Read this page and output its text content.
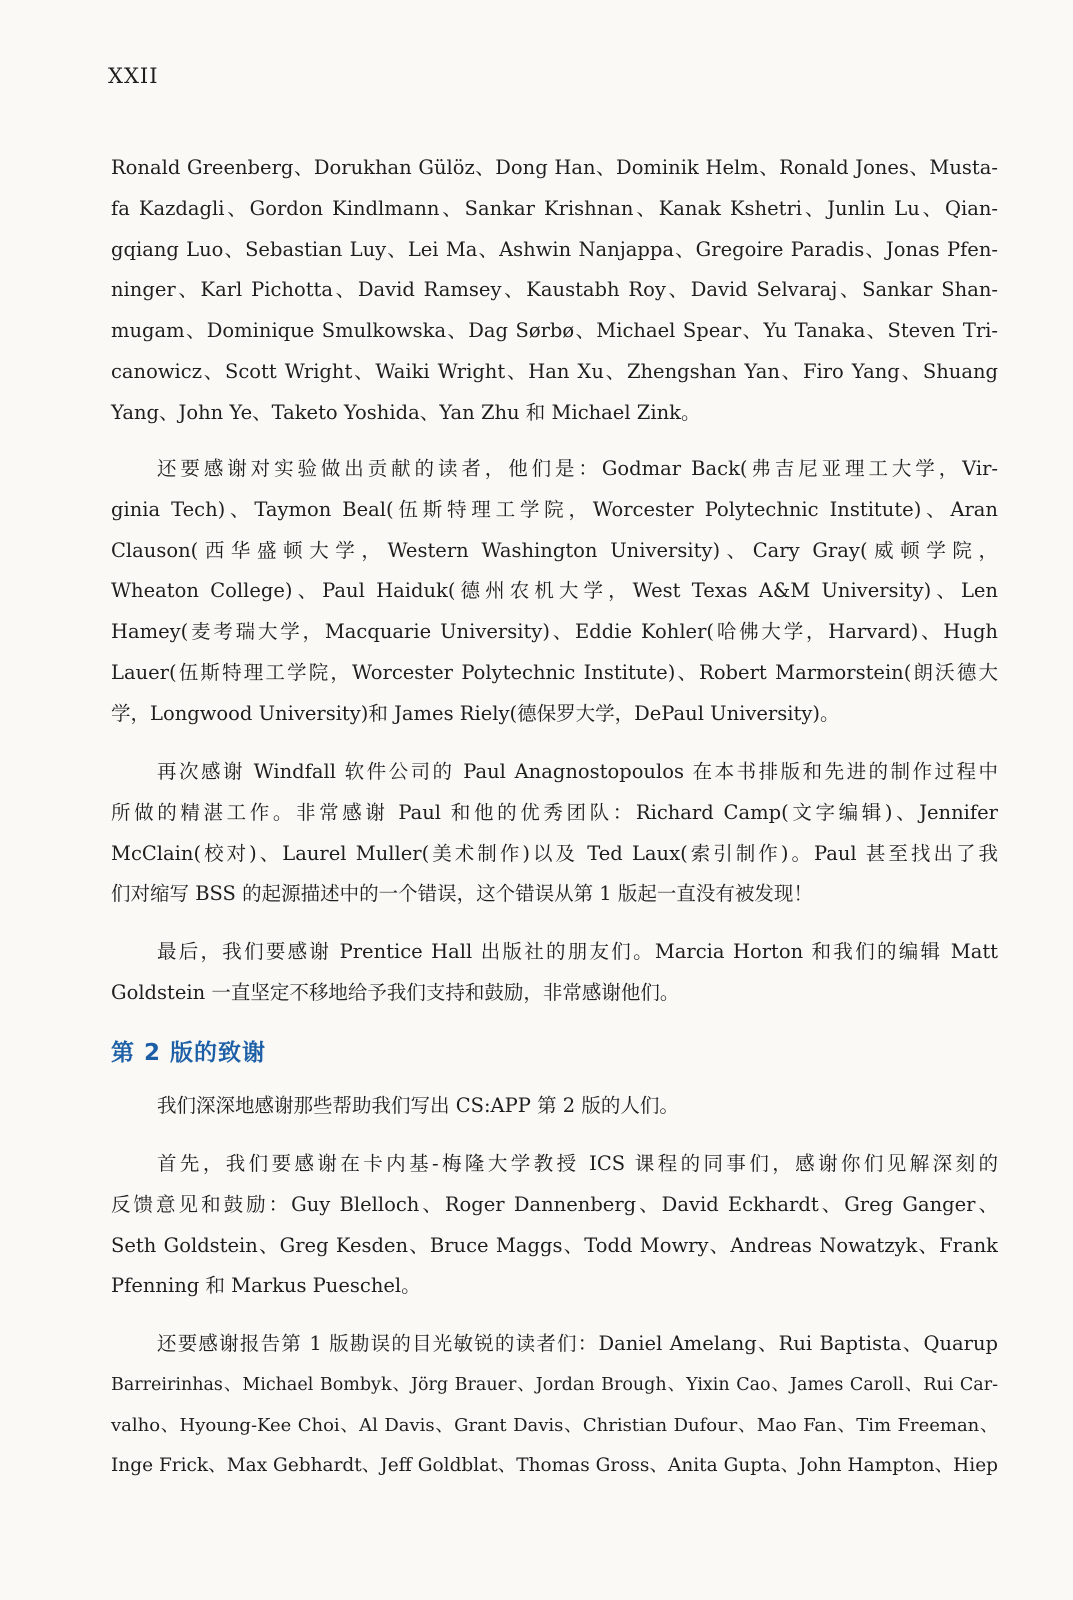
XXII

Ronald Greenberg、Dorukhan Gülöz、Dong Han、Dominik Helm、Ronald Jones、Musta-
fa Kazdagli、Gordon Kindlmann、Sankar Krishnan、Kanak Kshetri、Junlin Lu、Qian-
gqiang Luo、Sebastian Luy、Lei Ma、Ashwin Nanjappa、Gregoire Paradis、Jonas Pfen-
ninger、Karl Pichotta、David Ramsey、Kaustabh Roy、David Selvaraj、Sankar Shan-
mugam、Dominique Smulkowska、Dag Sørbø、Michael Spear、Yu Tanaka、Steven Tri-
canowicz、Scott Wright、Waiki Wright、Han Xu、Zhengshan Yan、Firo Yang、Shuang
Yang、John Ye、Taketo Yoshida、Yan Zhu 和 Michael Zink。
还要感谢对实验做出贡献的读者，他们是：Godmar Back(弗吉尼亚理工大学，Vir-
ginia Tech)、Taymon Beal(伍斯特理工学院，Worcester Polytechnic Institute)、Aran
Clauson(西华盛顿大学，Western Washington University)、Cary Gray(威顿学院，
Wheaton College)、Paul Haiduk(德州农机大学，West Texas A&M University)、Len
Hamey(麦考瑞大学，Macquarie University)、Eddie Kohler(哈佛大学，Harvard)、Hugh
Lauer(伍斯特理工学院，Worcester Polytechnic Institute)、Robert Marmorstein(朗沃德大
学，Longwood University)和 James Riely(德保罗大学，DePaul University)。
再次感谢 Windfall 软件公司的 Paul Anagnostopoulos 在本书排版和先进的制作过程中
所做的精湛工作。非常感谢 Paul 和他的优秀团队：Richard Camp(文字编辑)、Jennifer
McClain(校对)、Laurel Muller(美术制作)以及 Ted Laux(索引制作)。Paul 甚至找出了我
们对缩写 BSS 的起源描述中的一个错误，这个错误从第 1 版起一直没有被发现！
最后，我们要感谢 Prentice Hall 出版社的朋友们。Marcia Horton 和我们的编辑 Matt
Goldstein 一直坚定不移地给予我们支持和鼓励，非常感谢他们。
第 2 版的致谢
我们深深地感谢那些帮助我们写出 CS:APP 第 2 版的人们。
首先，我们要感谢在卡内基-梅隆大学教授 ICS 课程的同事们，感谢你们见解深刻的
反馈意见和鼓励：Guy Blelloch、Roger Dannenberg、David Eckhardt、Greg Ganger、
Seth Goldstein、Greg Kesden、Bruce Maggs、Todd Mowry、Andreas Nowatzyk、Frank
Pfenning 和 Markus Pueschel。
还要感谢报告第 1 版勘误的目光敏锐的读者们：Daniel Amelang、Rui Baptista、Quarup
Barreirinhas、Michael Bombyk、Jörg Brauer、Jordan Brough、Yixin Cao、James Caroll、Rui Car-
valho、Hyoung-Kee Choi、Al Davis、Grant Davis、Christian Dufour、Mao Fan、Tim Freeman、
Inge Frick、Max Gebhardt、Jeff Goldblat、Thomas Gross、Anita Gupta、John Hampton、Hiep
